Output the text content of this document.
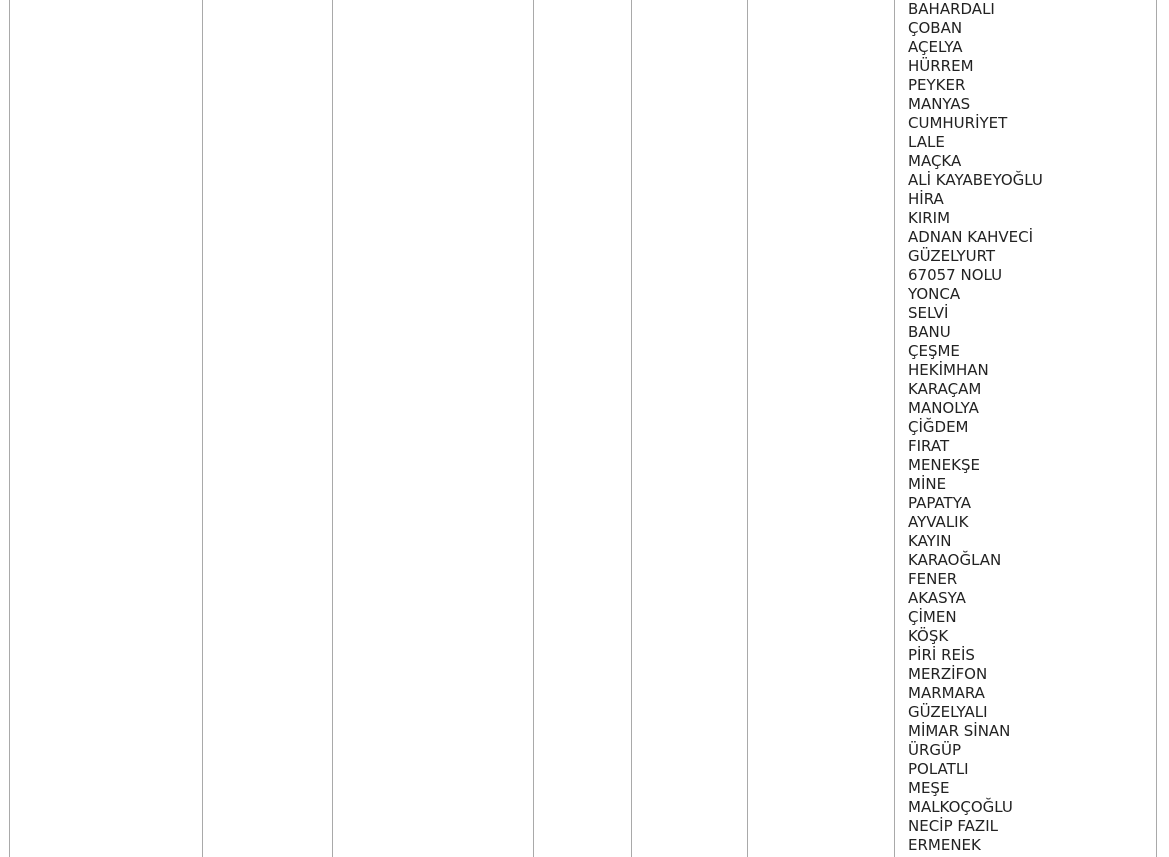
BAHARDALI
ÇOBAN
AÇELYA
HÜRREM
PEYKER
MANYAS
CUMHURİYET
LALE
MAÇKA
ALİ KAYABEYOĞLU
HİRA
KIRIM
ADNAN KAHVECİ
GÜZELYURT
67057 NOLU
YONCA
SELVİ
BANU
ÇEŞME
HEKİMHAN
KARAÇAM
MANOLYA
ÇİĞDEM
FIRAT
MENEKŞE
MİNE
PAPATYA
AYVALIK
KAYIN
KARAOĞLAN
FENER
AKASYA
ÇİMEN
KÖŞK
PİRİ REİS
MERZİFON
MARMARA
GÜZELYALI
MİMAR SİNAN
ÜRGÜP
POLATLI
MEŞE
MALKOÇOĞLU
NECİP FAZIL
ERMENEK
